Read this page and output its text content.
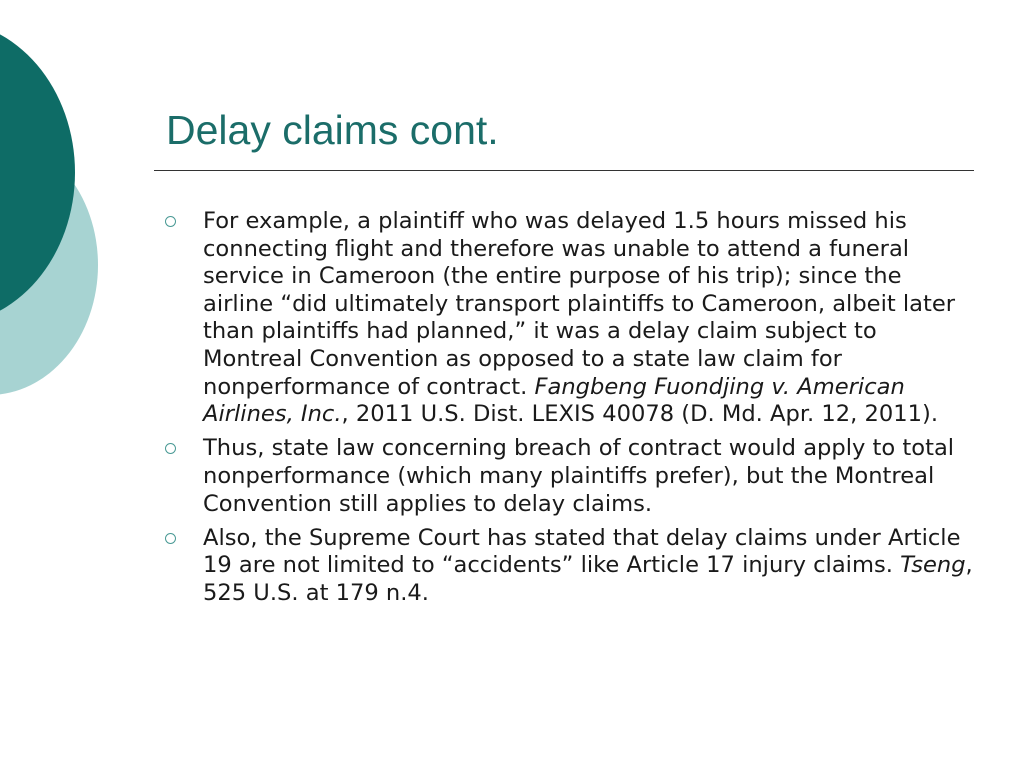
Delay claims cont.
For example, a plaintiff who was delayed 1.5 hours missed his connecting flight and therefore was unable to attend a funeral service in Cameroon (the entire purpose of his trip); since the airline “did ultimately transport plaintiffs to Cameroon, albeit later than plaintiffs had planned,” it was a delay claim subject to Montreal Convention as opposed to a state law claim for nonperformance of contract. Fangbeng Fuondjing v. American Airlines, Inc., 2011 U.S. Dist. LEXIS 40078 (D. Md. Apr. 12, 2011).
Thus, state law concerning breach of contract would apply to total nonperformance (which many plaintiffs prefer), but the Montreal Convention still applies to delay claims.
Also, the Supreme Court has stated that delay claims under Article 19 are not limited to “accidents” like Article 17 injury claims. Tseng, 525 U.S. at 179 n.4.
